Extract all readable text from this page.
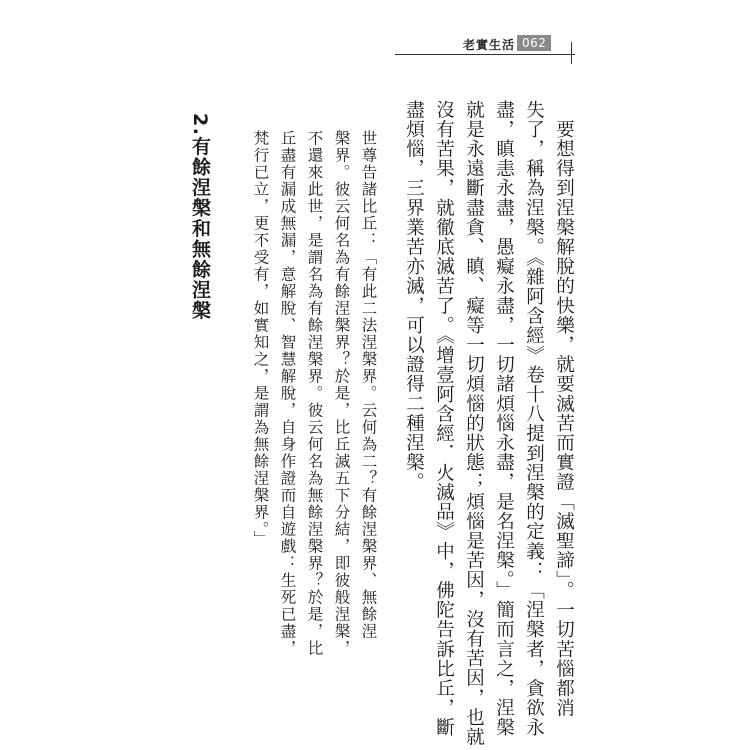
老實生活 062
　要想得到涅槃解脫的快樂，就要滅苦而實證「滅聖諦」。一切苦惱都消
失了，稱為涅槃。《雜阿含經》卷十八提到涅槃的定義：「涅槃者，貪欲永
盡，瞋恚永盡，愚癡永盡，一切諸煩惱永盡，是名涅槃。」簡而言之，涅槃
就是永遠斷盡貪、瞋、癡等一切煩惱的狀態；煩惱是苦因，沒有苦因，也就
沒有苦果，就徹底滅苦了。《增壹阿含經．火滅品》中，佛陀告訴比丘，斷
盡煩惱，三界業苦亦滅，可以證得二種涅槃。
世尊告諸比丘：「有此二法涅槃界。云何為二？有餘涅槃界、無餘涅
槃界。彼云何名為有餘涅槃界？於是，比丘滅五下分結，即彼般涅槃，
不還來此世，是謂名為有餘涅槃界。彼云何名為無餘涅槃界？於是，比
丘盡有漏成無漏，意解脫、智慧解脫，自身作證而自遊戲：生死已盡，
梵行已立，更不受有，如實知之，是謂為無餘涅槃界。」
2.有餘涅槃和無餘涅槃
